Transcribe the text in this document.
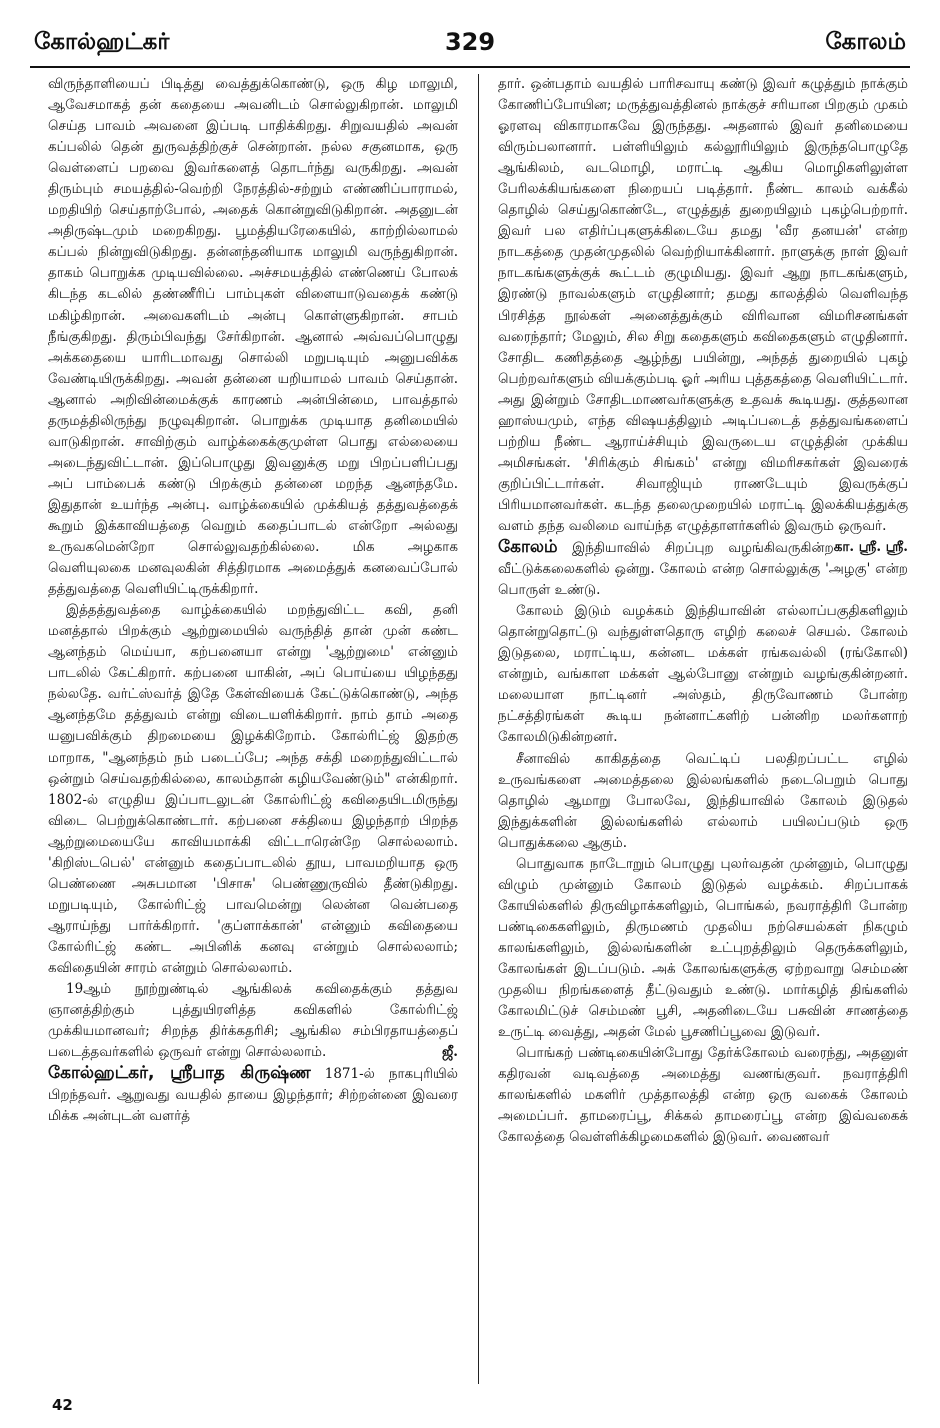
கோல்ஹட்கர்	329	கோலம்

விருந்தாளியைப் பிடித்து வைத்துக்கொண்டு, ஒரு கிழ மாலுமி, ஆவேசமாகத் தன் கதையை அவனிடம் சொல்லுகிறான். மாலுமி செய்த பாவம் அவனை இப்படி பாதிக்கிறது. சிறுவயதில் அவன் கப்பலில் தென் துருவத்திற்குச் சென்றான். நல்ல சகுனமாக, ஒரு வெள்ளைப் பறவை இவர்களைத் தொடர்ந்து வருகிறது. அவன் திரும்பும் சமயத்தில்-வெற்றி நேரத்தில்-சற்றும் எண்ணிப்பாராமல், மறதியிற் செய்தாற்போல், அதைக் கொன்றுவிடுகிறான். அதனுடன் அதிருஷ்டமும் மறைகிறது. பூமத்தியரேகையில், காற்றில்லாமல் கப்பல் நின்றுவிடுகிறது. தன்னந்தனியாக மாலுமி வருந்துகிறான். தாகம் பொறுக்க முடியவில்லை. அச்சமயத்தில் எண்ணெய் போலக் கிடந்த கடலில் தண்ணீரிப் பாம்புகள் விளையாடுவதைக் கண்டு மகிழ்கிறான். அவைகளிடம் அன்பு கொள்ளுகிறான். சாபம் நீங்குகிறது. திரும்பிவந்து சேர்கிறான். ஆனால் அவ்வப்பொழுது அக்கதையை யாரிடமாவது சொல்லி மறுபடியும் அனுபவிக்க வேண்டியிருக்கிறது. அவன் தன்னை யறியாமல் பாவம் செய்தான். ஆனால் அறிவின்மைக்குக் காரணம் அன்பின்மை, பாவத்தால் தருமத்திலிருந்து நழுவுகிறான். பொறுக்க முடியாத தனிமையில் வாடுகிறான். சாவிற்கும் வாழ்க்கைக்குமுள்ள பொது எல்லையை அடைந்துவிட்டான். இப்பொழுது இவனுக்கு மறு பிறப்பளிப்பது அப் பாம்பைக் கண்டு பிறக்கும் தன்னை மறந்த ஆனந்தமே. இதுதான் உயர்ந்த அன்பு. வாழ்க்கையில் முக்கியத் தத்துவத்தைக் கூறும் இக்காவியத்தை வெறும் கதைப்பாடல் என்றோ அல்லது உருவகமென்றோ சொல்லுவதற்கில்லை. மிக அழகாக வெளியுலகை மனவுலகின் சித்திரமாக அமைத்துக் கனவைப்போல் தத்துவத்தை வெளியிட்டிருக்கிறார்.

இத்தத்துவத்தை வாழ்க்கையில் மறந்துவிட்ட கவி, தனி மனத்தால் பிறக்கும் ஆற்றுமையில் வருந்தித் தான் முன் கண்ட ஆனந்தம் மெய்யா, கற்பனையா என்று 'ஆற்றுமை' என்னும் பாடலில் கேட்கிறார். கற்பனை யாகின், அப் பொய்யை யிழந்தது நல்லதே. வர்ட்ஸ்வர்த் இதே கேள்வியைக் கேட்டுக்கொண்டு, அந்த ஆனந்தமே தத்துவம் என்று விடையளிக்கிறார். நாம் தாம் அதை யனுபவிக்கும் திறமையை இழக்கிறோம். கோல்ரிட்ஜ் இதற்கு மாறாக, "ஆனந்தம் நம் படைப்பே; அந்த சக்தி மறைந்துவிட்டால் ஒன்றும் செய்வதற்கில்லை, காலம்தான் கழியவேண்டும்" என்கிறார். 1802-ல் எழுதிய இப்பாடலுடன் கோல்ரிட்ஜ் கவிதையிடமிருந்து விடை பெற்றுக்கொண்டார். கற்பனை சக்தியை இழந்தாற் பிறந்த ஆற்றுமையையே காவியமாக்கி விட்டாரென்றே சொல்லலாம். 'கிறிஸ்டபெல்' என்னும் கதைப்பாடலில் தூய, பாவமறியாத ஒரு பெண்ணை அசுபமான 'பிசாசு' பெண்ணுருவில் தீண்டுகிறது. மறுபடியும், கோல்ரிட்ஜ் பாவமென்று லென்ன வென்பதை ஆராய்ந்து பார்க்கிறார். 'குப்ளாக்கான்' என்னும் கவிதையை கோல்ரிட்ஜ் கண்ட அபினிக் கனவு என்றும் சொல்லலாம்; கவிதையின் சாரம் என்றும் சொல்லலாம்.

19ஆம் நூற்றுண்டில் ஆங்கிலக் கவிதைக்கும் தத்துவ ஞானத்திற்கும் புத்துயிரளித்த கவிகளில் கோல்ரிட்ஜ் முக்கியமானவர்; சிறந்த திர்க்கதரிசி; ஆங்கில சம்பிரதாயத்தைப் படைத்தவர்களில் ஒருவர் என்று சொல்லலாம்.	ஜீ.

கோல்ஹட்கர், ஸ்ரீபாத கிருஷ்ண 1871-ல் நாகபுரியில் பிறந்தவர். ஆறுவது வயதில் தாயை இழந்தார்; சிற்றன்னை இவரை மிக்க அன்புடன் வளர்த்

தார். ஒன்பதாம் வயதில் பாரிசவாயு கண்டு இவர் கழுத்தும் நாக்கும் கோணிப்போயின; மருத்துவத்தினல் நாக்குச் சரியான பிறகும் முகம் ஓரளவு விகாரமாகவே இருந்தது. அதனால் இவர் தனிமையை விரும்பலானார். பள்ளியிலும் கல்லூரியிலும் இருந்தபொழுதே ஆங்கிலம், வடமொழி, மராட்டி ஆகிய மொழிகளிலுள்ள பேரிலக்கியங்களை நிறையப் படித்தார். நீண்ட காலம் வக்கீல் தொழில் செய்துகொண்டே, எழுத்துத் துறையிலும் புகழ்பெற்றார். இவர் பல எதிர்ப்புகளுக்கிடையே தமது 'வீர தனயன்' என்ற நாடகத்தை முதன்முதலில் வெற்றியாக்கினார். நாளுக்கு நாள் இவர் நாடகங்களுக்குக் கூட்டம் குழுமியது. இவர் ஆறு நாடகங்களும், இரண்டு நாவல்களும் எழுதினார்; தமது காலத்தில் வெளிவந்த பிரசித்த நூல்கள் அனைத்துக்கும் விரிவான விமரிசனங்கள் வரைந்தார்; மேலும், சில சிறு கதைகளும் கவிதைகளும் எழுதினார். சோதிட கணிதத்தை ஆழ்ந்து பயின்று, அந்தத் துறையில் புகழ் பெற்றவர்களும் வியக்கும்படி ஓர் அரிய புத்தகத்தை வெளியிட்டார். அது இன்றும் சோதிடமாணவர்களுக்கு உதவக் கூடியது. குத்தலான ஹாஸ்யமும், எந்த விஷயத்திலும் அடிப்படைத் தத்துவங்களைப் பற்றிய நீண்ட ஆராய்ச்சியும் இவருடைய எழுத்தின் முக்கிய அமிசங்கள். 'சிரிக்கும் சிங்கம்' என்று விமரிசகர்கள் இவரைக் குறிப்பிட்டார்கள். சிவாஜியும் ராணடேயும் இவருக்குப் பிரியமானவர்கள். கடந்த தலைமுறையில் மராட்டி இலக்கியத்துக்கு வளம் தந்த வலிமை வாய்ந்த எழுத்தாளர்களில் இவரும் ஒருவர்.
கா. ஸ்ரீ. ஸ்ரீ.

கோலம் இந்தியாவில் சிறப்புற வழங்கிவருகின்ற வீட்டுக்கலைகளில் ஒன்று. கோலம் என்ற சொல்லுக்கு 'அழகு' என்ற பொருள் உண்டு.

கோலம் இடும் வழக்கம் இந்தியாவின் எல்லாப்பகுதிகளிலும் தொன்றுதொட்டு வந்துள்ளதொரு எழிற் கலைச் செயல். கோலம் இடுதலை, மராட்டிய, கன்னட மக்கள் ரங்கவல்லி (ரங்கோலி) என்றும், வங்காள மக்கள் ஆல்போனு என்றும் வழங்குகின்றனர். மலையாள நாட்டினர் அஸ்தம், திருவோணம் போன்ற நட்சத்திரங்கள் கூடிய நன்னாட்களிற் பன்னிற மலர்களாற் கோலமிடுகின்றனர்.

சீனாவில் காகிதத்தை வெட்டிப் பலதிறப்பட்ட எழில் உருவங்களை அமைத்தலை இல்லங்களில் நடைபெறும் பொது தொழில் ஆமாறு போலவே, இந்தியாவில் கோலம் இடுதல் இந்துக்களின் இல்லங்களில் எல்லாம் பயிலப்படும் ஒரு பொதுக்கலை ஆகும்.

பொதுவாக நாடோறும் பொழுது புலர்வதன் முன்னும், பொழுது விழும் முன்னும் கோலம் இடுதல் வழக்கம். சிறப்பாகக் கோயில்களில் திருவிழாக்களிலும், பொங்கல், நவராத்திரி போன்ற பண்டிகைகளிலும், திருமணம் முதலிய நற்செயல்கள் நிகழும் காலங்களிலும், இல்லங்களின் உட்புறத்திலும் தெருக்களிலும், கோலங்கள் இடப்படும். அக் கோலங்களுக்கு ஏற்றவாறு செம்மண் முதலிய நிறங்களைத் தீட்டுவதும் உண்டு. மார்கழித் திங்களில் கோலமிட்டுச் செம்மண் பூசி, அதனிடையே பசுவின் சாணத்தை உருட்டி வைத்து, அதன் மேல் பூசணிப்பூவை இடுவர்.

பொங்கற் பண்டிகையின்போது தேர்க்கோலம் வரைந்து, அதனுள் கதிரவன் வடிவத்தை அமைத்து வணங்குவர். நவராத்திரி காலங்களில் மகளிர் முத்தாலத்தி என்ற ஒரு வகைக் கோலம் அமைப்பர். தாமரைப்பூ, சிக்கல் தாமரைப்பூ என்ற இவ்வகைக் கோலத்தை வெள்ளிக்கிழமைகளில் இடுவர். வைணவர்

42
